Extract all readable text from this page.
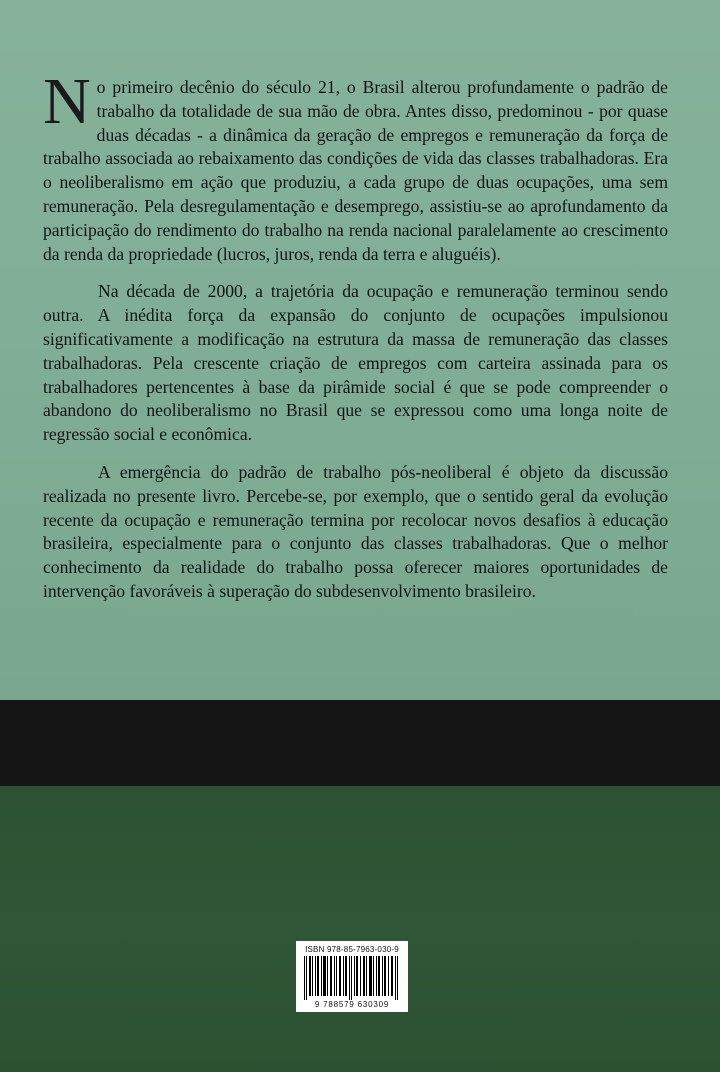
No primeiro decênio do século 21, o Brasil alterou profundamente o padrão de trabalho da totalidade de sua mão de obra. Antes disso, predominou - por quase duas décadas - a dinâmica da geração de empregos e remuneração da força de trabalho associada ao rebaixamento das condições de vida das classes trabalhadoras. Era o neoliberalismo em ação que produziu, a cada grupo de duas ocupações, uma sem remuneração. Pela desregulamentação e desemprego, assistiu-se ao aprofundamento da participação do rendimento do trabalho na renda nacional paralelamente ao crescimento da renda da propriedade (lucros, juros, renda da terra e aluguéis).

Na década de 2000, a trajetória da ocupação e remuneração terminou sendo outra. A inédita força da expansão do conjunto de ocupações impulsionou significativamente a modificação na estrutura da massa de remuneração das classes trabalhadoras. Pela crescente criação de empregos com carteira assinada para os trabalhadores pertencentes à base da pirâmide social é que se pode compreender o abandono do neoliberalismo no Brasil que se expressou como uma longa noite de regressão social e econômica.

A emergência do padrão de trabalho pós-neoliberal é objeto da discussão realizada no presente livro. Percebe-se, por exemplo, que o sentido geral da evolução recente da ocupação e remuneração termina por recolocar novos desafios à educação brasileira, especialmente para o conjunto das classes trabalhadoras. Que o melhor conhecimento da realidade do trabalho possa oferecer maiores oportunidades de intervenção favoráveis à superação do subdesenvolvimento brasileiro.

ISBN 978-85-7963-030-9
9 788579 630309
